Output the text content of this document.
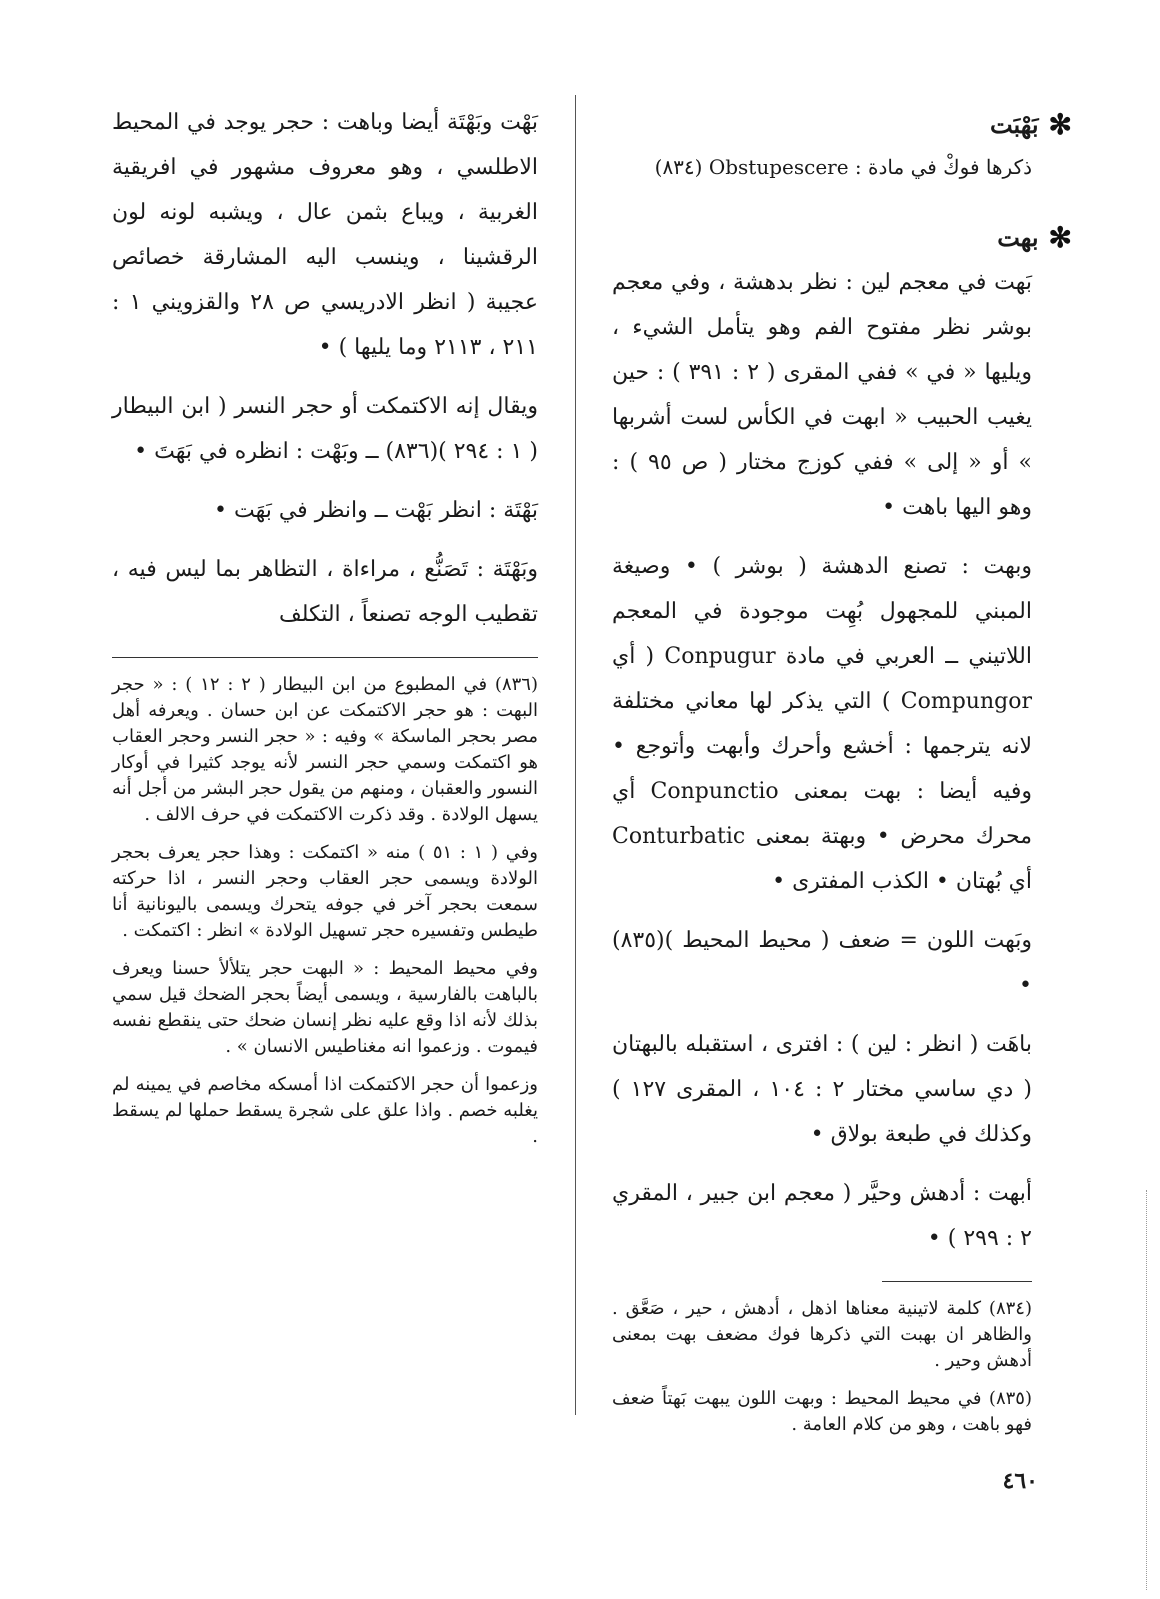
✻
بَهْبَت

ذكرها فوكْ في مادة : Obstupescere (٨٣٤)

✻
بهت

بَهت في معجم لين : نظر بدهشة ، وفي معجم بوشر نظر مفتوح الفم وهو يتأمل الشيء ، ويليها « في » ففي المقرى ( ٢ : ٣٩١ ) : حين يغيب الحبيب « ابهت في الكأس لست أشربها » أو « إلى » ففي كوزج مختار ( ص ٩٥ ) : وهو اليها باهت •

وبهت : تصنع الدهشة ( بوشر ) • وصيغة المبني للمجهول بُهِت موجودة في المعجم اللاتيني ــ العربي في مادة Conpugur ( أي Compungor ) التي يذكر لها معاني مختلفة لانه يترجمها : أخشع وأحرك وأبهت وأتوجع • وفيه أيضا : بهت بمعنى Conpunctio أي محرك محرض • وبهتة بمعنى Conturbatic أي بُهتان • الكذب المفترى •

وبَهت اللون = ضعف ( محيط المحيط )(٨٣٥) •

باهَت ( انظر : لين ) : افترى ، استقبله بالبهتان ( دي ساسي مختار ٢ : ١٠٤ ، المقرى ١٢٧ ) وكذلك في طبعة بولاق •

أبهت : أدهش وحيَّر ( معجم ابن جبير ، المقري ٢ : ٢٩٩ ) •

(٨٣٤) كلمة لاتينية معناها اذهل ، أدهش ، حير ، صَعَّق . والظاهر ان بهبت التي ذكرها فوك مضعف بهت بمعنى أدهش وحير .

(٨٣٥) في محيط المحيط : وبهت اللون يبهت بَهتاً ضعف فهو باهت ، وهو من كلام العامة .

بَهْت وبَهْتَة أيضا وباهت : حجر يوجد في المحيط الاطلسي ، وهو معروف مشهور في افريقية الغربية ، ويباع بثمن عال ، ويشبه لونه لون الرقشينا ، وينسب اليه المشارقة خصائص عجيبة ( انظر الادريسي ص ٢٨ والقزويني ١ : ٢١١ ، ٢١١٣ وما يليها ) •

ويقال إنه الاكتمكت أو حجر النسر ( ابن البيطار ( ١ : ٢٩٤ )(٨٣٦) ــ وبَهْت : انظره في بَهَتَ •

بَهْتَة : انظر بَهْت ــ وانظر في بَهَت •

وبَهْتَة : تَصَنُّع ، مراءاة ، التظاهر بما ليس فيه ، تقطيب الوجه تصنعاً ، التكلف

(٨٣٦) في المطبوع من ابن البيطار ( ٢ : ١٢ ) : « حجر البهت : هو حجر الاكتمكت عن ابن حسان . ويعرفه أهل مصر بحجر الماسكة » وفيه : « حجر النسر وحجر العقاب هو اكتمكت وسمي حجر النسر لأنه يوجد كثيرا في أوكار النسور والعقبان ، ومنهم من يقول حجر البشر من أجل أنه يسهل الولادة . وقد ذكرت الاكتمكت في حرف الالف .

وفي ( ١ : ٥١ ) منه « اكتمكت : وهذا حجر يعرف بحجر الولادة ويسمى حجر العقاب وحجر النسر ، اذا حركته سمعت بحجر آخر في جوفه يتحرك ويسمى باليونانية أنا طيطس وتفسيره حجر تسهيل الولادة » انظر : اكتمكت .

وفي محيط المحيط : « البهت حجر يتلألأ حسنا ويعرف بالباهت بالفارسية ، ويسمى أيضاً بحجر الضحك قيل سمي بذلك لأنه اذا وقع عليه نظر إنسان ضحك حتى ينقطع نفسه فيموت . وزعموا انه مغناطيس الانسان » .

وزعموا أن حجر الاكتمكت اذا أمسكه مخاصم في يمينه لم يغلبه خصم . واذا علق على شجرة يسقط حملها لم يسقط .

٤٦٠
